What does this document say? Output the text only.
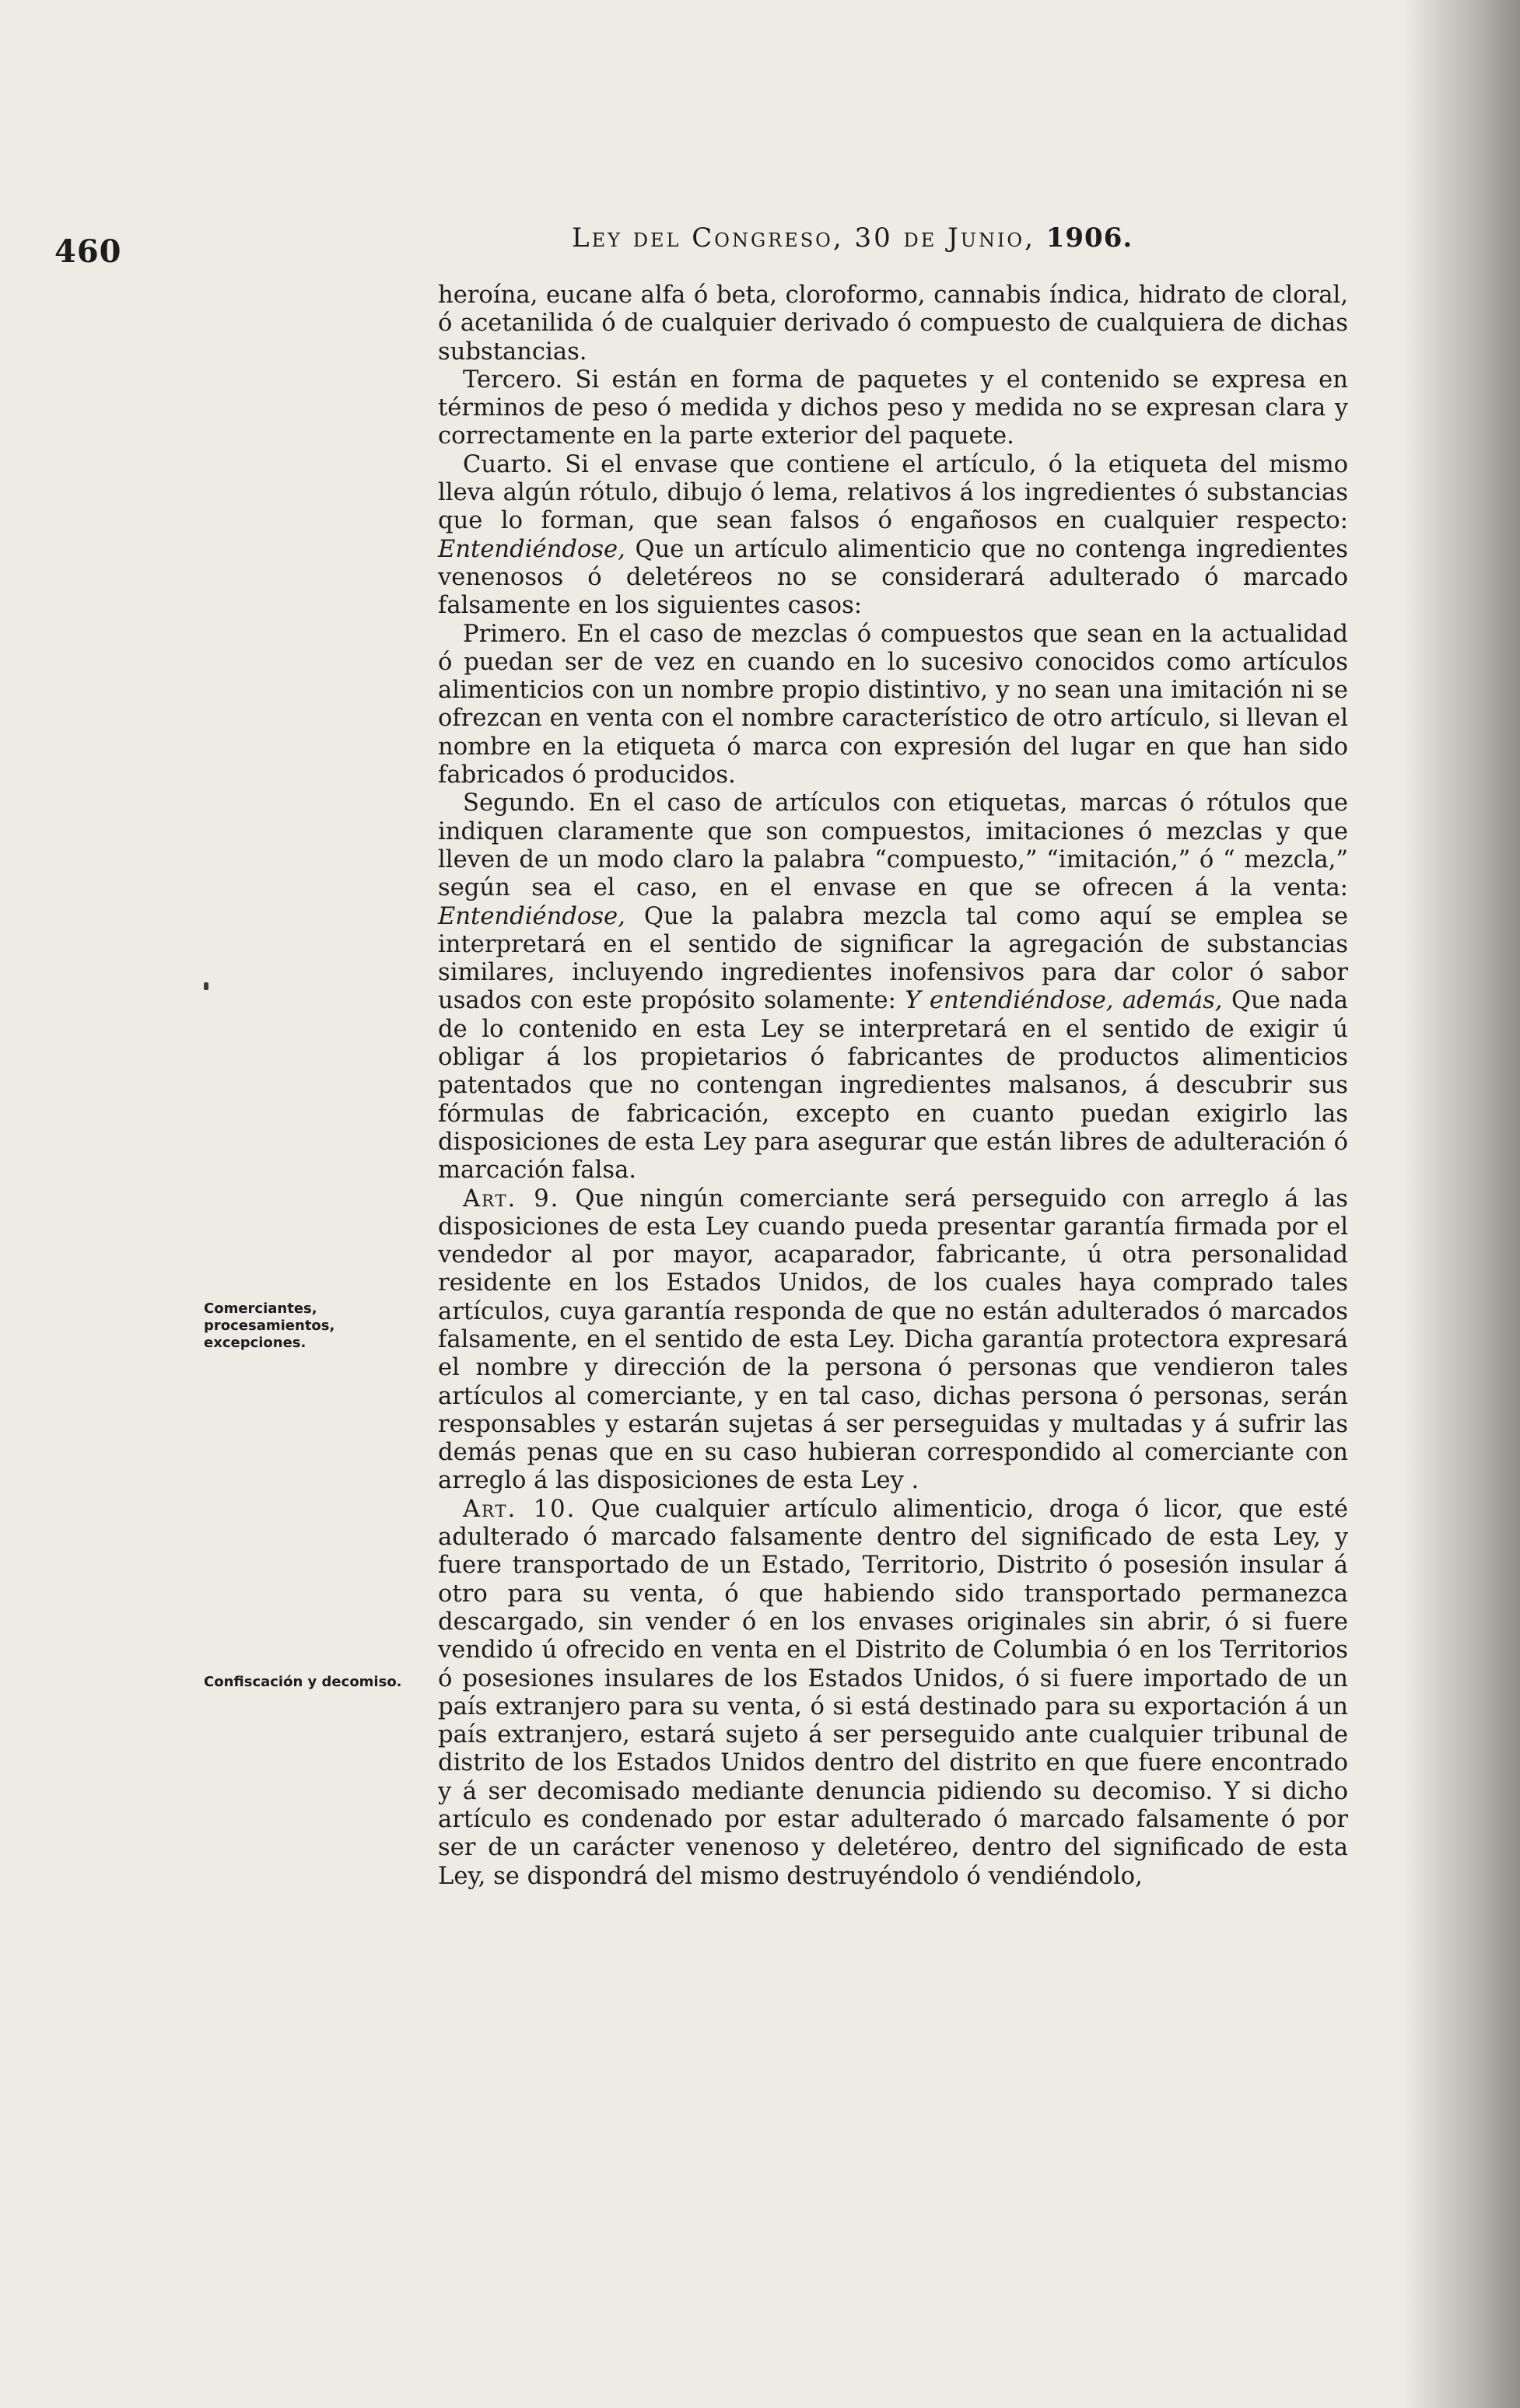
460	Ley del Congreso, 30 de Junio, 1906.
Comerciantes, procesamientos, excepciones.
Confiscación y decomiso.

heroína, eucane alfa ó beta, cloroformo, cannabis índica, hidrato de cloral, ó acetanilida ó de cualquier derivado ó compuesto de cualquiera de dichas substancias.

Tercero. Si están en forma de paquetes y el contenido se expresa en términos de peso ó medida y dichos peso y medida no se expresan clara y correctamente en la parte exterior del paquete.

Cuarto. Si el envase que contiene el artículo, ó la etiqueta del mismo lleva algún rótulo, dibujo ó lema, relativos á los ingredientes ó substancias que lo forman, que sean falsos ó engañosos en cualquier respecto: Entendiéndose, Que un artículo alimenticio que no contenga ingredientes venenosos ó deletéreos no se considerará adulterado ó marcado falsamente en los siguientes casos:

Primero. En el caso de mezclas ó compuestos que sean en la actualidad ó puedan ser de vez en cuando en lo sucesivo conocidos como artículos alimenticios con un nombre propio distintivo, y no sean una imitación ni se ofrezcan en venta con el nombre característico de otro artículo, si llevan el nombre en la etiqueta ó marca con expresión del lugar en que han sido fabricados ó producidos.

Segundo. En el caso de artículos con etiquetas, marcas ó rótulos que indiquen claramente que son compuestos, imitaciones ó mezclas y que lleven de un modo claro la palabra “compuesto,” “imitación,” ó “ mezcla,” según sea el caso, en el envase en que se ofrecen á la venta: Entendiéndose, Que la palabra mezcla tal como aquí se emplea se interpretará en el sentido de significar la agregación de substancias similares, incluyendo ingredientes inofensivos para dar color ó sabor usados con este propósito solamente: Y entendiéndose, además, Que nada de lo contenido en esta Ley se interpretará en el sentido de exigir ú obligar á los propietarios ó fabricantes de productos alimenticios patentados que no contengan ingredientes malsanos, á descubrir sus fórmulas de fabricación, excepto en cuanto puedan exigirlo las disposiciones de esta Ley para asegurar que están libres de adulteración ó marcación falsa.

Art. 9. Que ningún comerciante será perseguido con arreglo á las disposiciones de esta Ley cuando pueda presentar garantía firmada por el vendedor al por mayor, acaparador, fabricante, ú otra personalidad residente en los Estados Unidos, de los cuales haya comprado tales artículos, cuya garantía responda de que no están adulterados ó marcados falsamente, en el sentido de esta Ley. Dicha garantía protectora expresará el nombre y dirección de la persona ó personas que vendieron tales artículos al comerciante, y en tal caso, dichas persona ó personas, serán responsables y estarán sujetas á ser perseguidas y multadas y á sufrir las demás penas que en su caso hubieran correspondido al comerciante con arreglo á las disposiciones de esta Ley .

Art. 10. Que cualquier artículo alimenticio, droga ó licor, que esté adulterado ó marcado falsamente dentro del significado de esta Ley, y fuere transportado de un Estado, Territorio, Distrito ó posesión insular á otro para su venta, ó que habiendo sido transportado permanezca descargado, sin vender ó en los envases originales sin abrir, ó si fuere vendido ú ofrecido en venta en el Distrito de Columbia ó en los Territorios ó posesiones insulares de los Estados Unidos, ó si fuere importado de un país extranjero para su venta, ó si está destinado para su exportación á un país extranjero, estará sujeto á ser perseguido ante cualquier tribunal de distrito de los Estados Unidos dentro del distrito en que fuere encontrado y á ser decomisado mediante denuncia pidiendo su decomiso. Y si dicho artículo es condenado por estar adulterado ó marcado falsamente ó por ser de un carácter venenoso y deletéreo, dentro del significado de esta Ley, se dispondrá del mismo destruyéndolo ó vendiéndolo,
